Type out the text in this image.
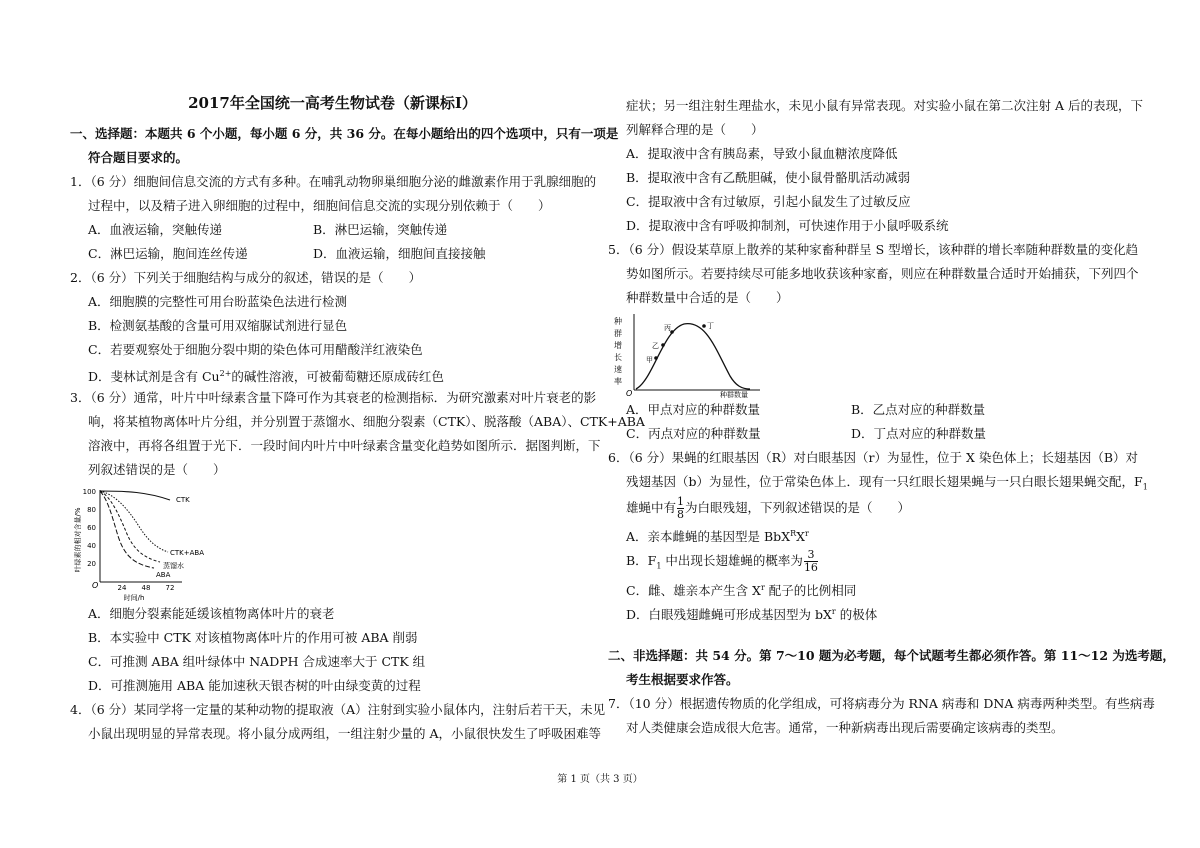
2017年全国统一高考生物试卷（新课标Ⅰ）
一、选择题：本题共 6 个小题，每小题 6 分，共 36 分。在每小题给出的四个选项中，只有一项是
符合题目要求的。
1．（6 分）细胞间信息交流的方式有多种。在哺乳动物卵巢细胞分泌的雌激素作用于乳腺细胞的
过程中，以及精子进入卵细胞的过程中，细胞间信息交流的实现分别依赖于（　　）
A．血液运输，突触传递	B．淋巴运输，突触传递
C．淋巴运输，胞间连丝传递	D．血液运输，细胞间直接接触
2．（6 分）下列关于细胞结构与成分的叙述，错误的是（　　）
A．细胞膜的完整性可用台盼蓝染色法进行检测
B．检测氨基酸的含量可用双缩脲试剂进行显色
C．若要观察处于细胞分裂中期的染色体可用醋酸洋红液染色
D．斐林试剂是含有 $Cu^{2+}$的碱性溶液，可被葡萄糖还原成砖红色
3．（6 分）通常，叶片中叶绿素含量下降可作为其衰老的检测指标．为研究激素对叶片衰老的影
响，将某植物离体叶片分组，并分别置于蒸馏水、细胞分裂素（CTK）、脱落酸（ABA）、CTK+ABA
溶液中，再将各组置于光下．一段时间内叶片中叶绿素含量变化趋势如图所示．据图判断，下
列叙述错误的是（　　）
叶绿素的相对含量/%
100
80
60
40
20
O	24 48 72
时间/h
CTK
CTK+ABA
蒸馏水
ABA
A．细胞分裂素能延缓该植物离体叶片的衰老
B．本实验中 CTK 对该植物离体叶片的作用可被 ABA 削弱
C．可推测 ABA 组叶绿体中 NADPH 合成速率大于 CTK 组
D．可推测施用 ABA 能加速秋天银杏树的叶由绿变黄的过程
4．（6 分）某同学将一定量的某种动物的提取液（A）注射到实验小鼠体内，注射后若干天，未见
小鼠出现明显的异常表现。将小鼠分成两组，一组注射少量的 A，小鼠很快发生了呼吸困难等
症状；另一组注射生理盐水，未见小鼠有异常表现。对实验小鼠在第二次注射 A 后的表现，下
列解释合理的是（　　）
A．提取液中含有胰岛素，导致小鼠血糖浓度降低
B．提取液中含有乙酰胆碱，使小鼠骨骼肌活动减弱
C．提取液中含有过敏原，引起小鼠发生了过敏反应
D．提取液中含有呼吸抑制剂，可快速作用于小鼠呼吸系统
5．（6 分）假设某草原上散养的某种家畜种群呈 S 型增长，该种群的增长率随种群数量的变化趋
势如图所示。若要持续尽可能多地收获该种家畜，则应在种群数量合适时开始捕获，下列四个
种群数量中合适的是（　　）
种
群
增
长
速
率
O	种群数量
甲
乙
丙	丁
A．甲点对应的种群数量	B．乙点对应的种群数量
C．丙点对应的种群数量	D．丁点对应的种群数量
6．（6 分）果蝇的红眼基因（R）对白眼基因（r）为显性，位于 X 染色体上；长翅基因（B）对
残翅基因（b）为显性，位于常染色体上．现有一只红眼长翅果蝇与一只白眼长翅果蝇交配，$F_1$
雄蝇中有 $\frac{1}{8}$ 为白眼残翅，下列叙述错误的是（　　）
A．亲本雌蝇的基因型是 $BbX^RX^r$
B．$F_1$ 中出现长翅雄蝇的概率为 $\frac{3}{16}$
C．雌、雄亲本产生含 $X^r$ 配子的比例相同
D．白眼残翅雌蝇可形成基因型为 $bX^r$ 的极体
二、非选择题：共 54 分。第 7～10 题为必考题，每个试题考生都必须作答。第 11～12 为选考题，
考生根据要求作答。
7．（10 分）根据遗传物质的化学组成，可将病毒分为 RNA 病毒和 DNA 病毒两种类型。有些病毒
对人类健康会造成很大危害。通常，一种新病毒出现后需要确定该病毒的类型。
第 1 页（共 3 页）
